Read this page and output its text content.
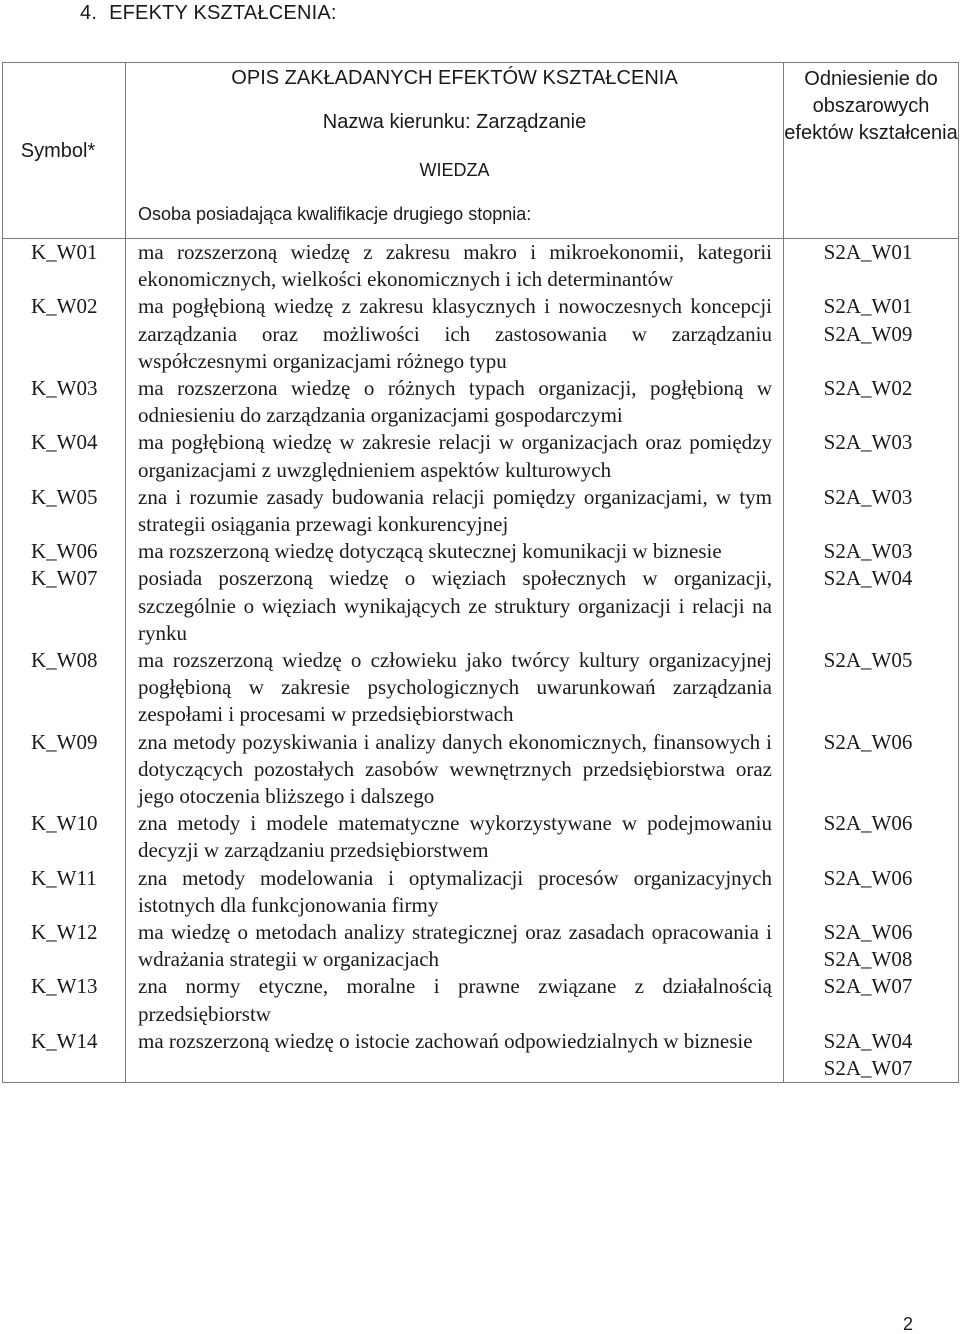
4. EFEKTY KSZTAŁCENIA:
Symbol*	OPIS ZAKŁADANYCH EFEKTÓW KSZTAŁCENIA
Nazwa kierunku: Zarządzanie
WIEDZA
Osoba posiadająca kwalifikacje drugiego stopnia:	Odniesienie do obszarowych efektów kształcenia
K_W01	ma rozszerzoną wiedzę z zakresu makro i mikroekonomii, kategorii ekonomicznych, wielkości ekonomicznych i ich determinantów	S2A_W01

K_W02	ma pogłębioną wiedzę z zakresu klasycznych i nowoczesnych koncepcji zarządzania oraz możliwości ich zastosowania w zarządzaniu współczesnymi organizacjami różnego typu	S2A_W01
S2A_W09

K_W03	ma rozszerzona wiedzę o różnych typach organizacji, pogłębioną w odniesieniu do zarządzania organizacjami gospodarczymi	S2A_W02

K_W04	ma pogłębioną wiedzę w zakresie relacji w organizacjach oraz pomiędzy organizacjami z uwzględnieniem aspektów kulturowych	S2A_W03

K_W05	zna i rozumie zasady budowania relacji pomiędzy organizacjami, w tym strategii osiągania przewagi konkurencyjnej	S2A_W03

K_W06	ma rozszerzoną wiedzę dotyczącą skutecznej komunikacji w biznesie	S2A_W03

K_W07	posiada poszerzoną wiedzę o więziach społecznych w organizacji, szczególnie o więziach wynikających ze struktury organizacji i relacji na rynku	S2A_W04

K_W08	ma rozszerzoną wiedzę o człowieku jako twórcy kultury organizacyjnej pogłębioną w zakresie psychologicznych uwarunkowań zarządzania zespołami i procesami w przedsiębiorstwach	S2A_W05

K_W09	zna metody pozyskiwania i analizy danych ekonomicznych, finansowych i dotyczących pozostałych zasobów wewnętrznych przedsiębiorstwa oraz jego otoczenia bliższego i dalszego	S2A_W06

K_W10	zna metody i modele matematyczne wykorzystywane w podejmowaniu decyzji w zarządzaniu przedsiębiorstwem	S2A_W06

K_W11	zna metody modelowania i optymalizacji procesów organizacyjnych istotnych dla funkcjonowania firmy	S2A_W06

K_W12	ma wiedzę o metodach analizy strategicznej oraz zasadach opracowania i wdrażania strategii w organizacjach	S2A_W06
S2A_W08

K_W13	zna normy etyczne, moralne i prawne związane z działalnością przedsiębiorstw	S2A_W07

K_W14	ma rozszerzoną wiedzę o istocie zachowań odpowiedzialnych w biznesie	S2A_W04
S2A_W07
2
